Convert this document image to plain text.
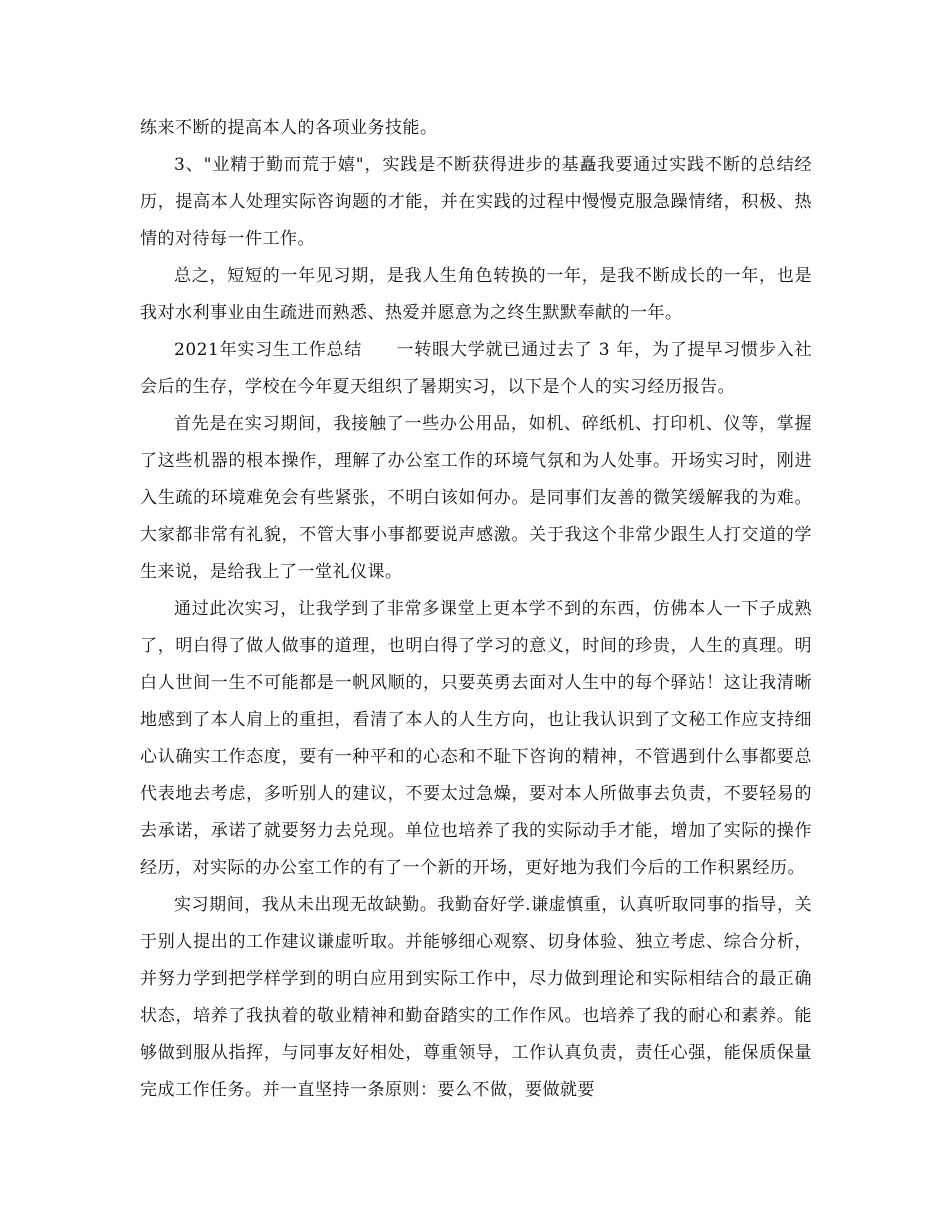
练来不断的提高本人的各项业务技能。

3、"业精于勤而荒于嬉"，实践是不断获得进步的基矗我要通过实践不断的总结经历，提高本人处理实际咨询题的才能，并在实践的过程中慢慢克服急躁情绪，积极、热情的对待每一件工作。

总之，短短的一年见习期，是我人生角色转换的一年，是我不断成长的一年，也是我对水利事业由生疏进而熟悉、热爱并愿意为之终生默默奉献的一年。

2021年实习生工作总结 一转眼大学就已通过去了 3 年，为了提早习惯步入社会后的生存，学校在今年夏天组织了暑期实习，以下是个人的实习经历报告。

首先是在实习期间，我接触了一些办公用品，如机、碎纸机、打印机、仪等，掌握了这些机器的根本操作，理解了办公室工作的环境气氛和为人处事。开场实习时，刚进入生疏的环境难免会有些紧张，不明白该如何办。是同事们友善的微笑缓解我的为难。大家都非常有礼貌，不管大事小事都要说声感激。关于我这个非常少跟生人打交道的学生来说，是给我上了一堂礼仪课。

通过此次实习，让我学到了非常多课堂上更本学不到的东西，仿佛本人一下子成熟了，明白得了做人做事的道理，也明白得了学习的意义，时间的珍贵，人生的真理。明白人世间一生不可能都是一帆风顺的，只要英勇去面对人生中的每个驿站！这让我清晰地感到了本人肩上的重担，看清了本人的人生方向，也让我认识到了文秘工作应支持细心认确实工作态度，要有一种平和的心态和不耻下咨询的精神，不管遇到什么事都要总代表地去考虑，多听别人的建议，不要太过急燥，要对本人所做事去负责，不要轻易的去承诺，承诺了就要努力去兑现。单位也培养了我的实际动手才能，增加了实际的操作经历，对实际的办公室工作的有了一个新的开场，更好地为我们今后的工作积累经历。

实习期间，我从未出现无故缺勤。我勤奋好学.谦虚慎重，认真听取同事的指导，关于别人提出的工作建议谦虚听取。并能够细心观察、切身体验、独立考虑、综合分析，并努力学到把学样学到的明白应用到实际工作中，尽力做到理论和实际相结合的最正确状态，培养了我执着的敬业精神和勤奋踏实的工作作风。也培养了我的耐心和素养。能够做到服从指挥，与同事友好相处，尊重领导，工作认真负责，责任心强，能保质保量完成工作任务。并一直坚持一条原则：要么不做，要做就要
